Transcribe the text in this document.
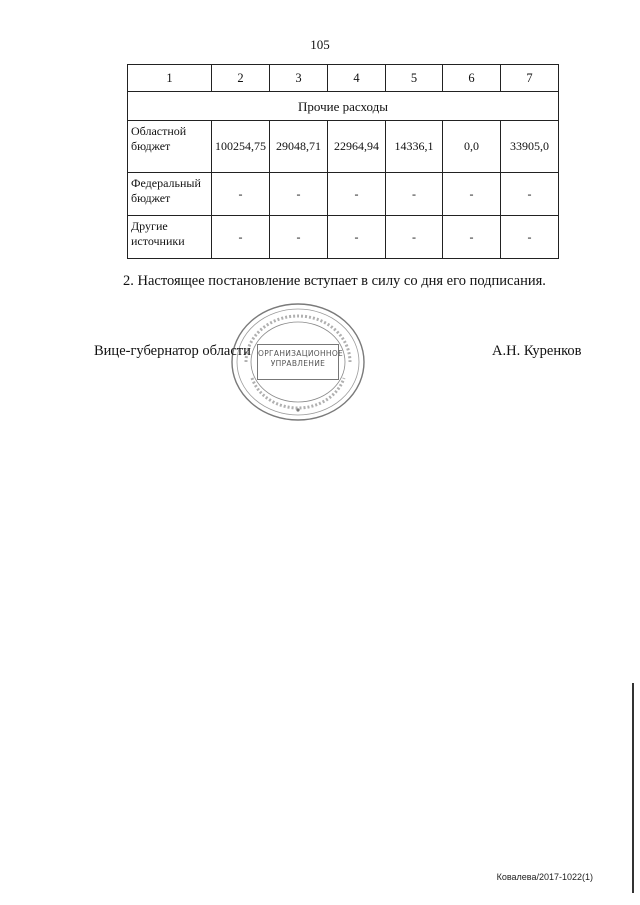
105
1	2	3	4	5	6	7
Прочие расходы						
Областной бюджет	100254,75	29048,71	22964,94	14336,1	0,0	33905,0
Федеральный бюджет	-	-	-	-	-	-
Другие источники	-	-	-	-	-	-
2. Настоящее постановление вступает в силу со дня его подписания.
ОРГАНИЗАЦИОННОЕ УПРАВЛЕНИЕ
Вице-губернатор области	А.Н. Куренков
Ковалева/2017-1022(1)
